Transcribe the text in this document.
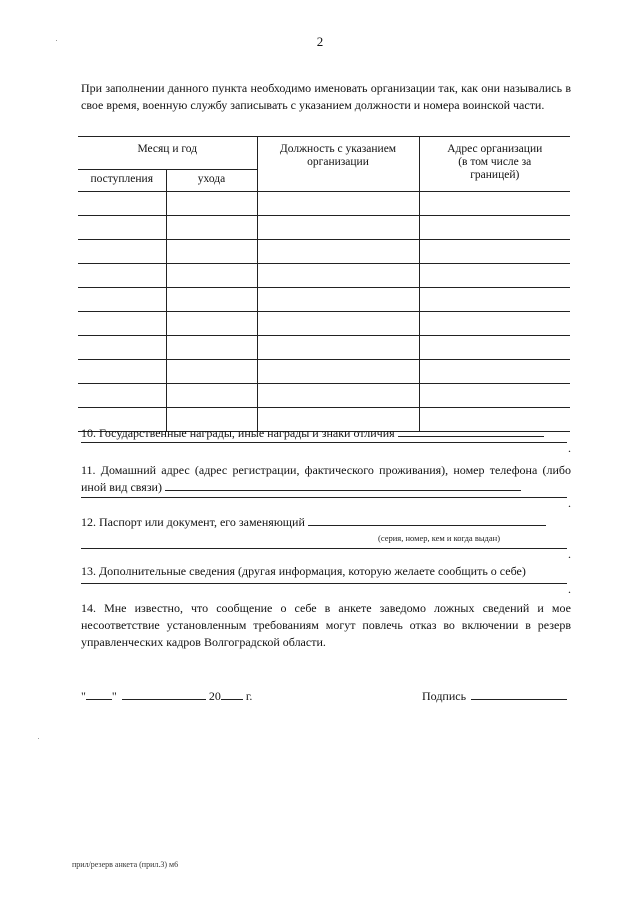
2
При заполнении данного пункта необходимо именовать организации так, как они назывались в свое время, военную службу записывать с указанием должности и номера воинской части.
Месяц и год		Должность с указанием организации	Адрес организации (в том числе за границей)
поступления	ухода		

10. Государственные награды, иные награды и знаки отличия
.
11. Домашний адрес (адрес регистрации, фактического проживания), номер телефона (либо иной вид связи)
.
12. Паспорт или документ, его заменяющий
(серия, номер, кем и когда выдан)
.
13. Дополнительные сведения (другая информация, которую желаете сообщить о себе)
.
14. Мне известно, что сообщение о себе в анкете заведомо ложных сведений и мое несоответствие установленным требованиям могут повлечь отказ во включении в резерв управленческих кадров Волгоградской области.
" "	20 г.	Подпись
прил/резерв анкета (прил.3) м6
